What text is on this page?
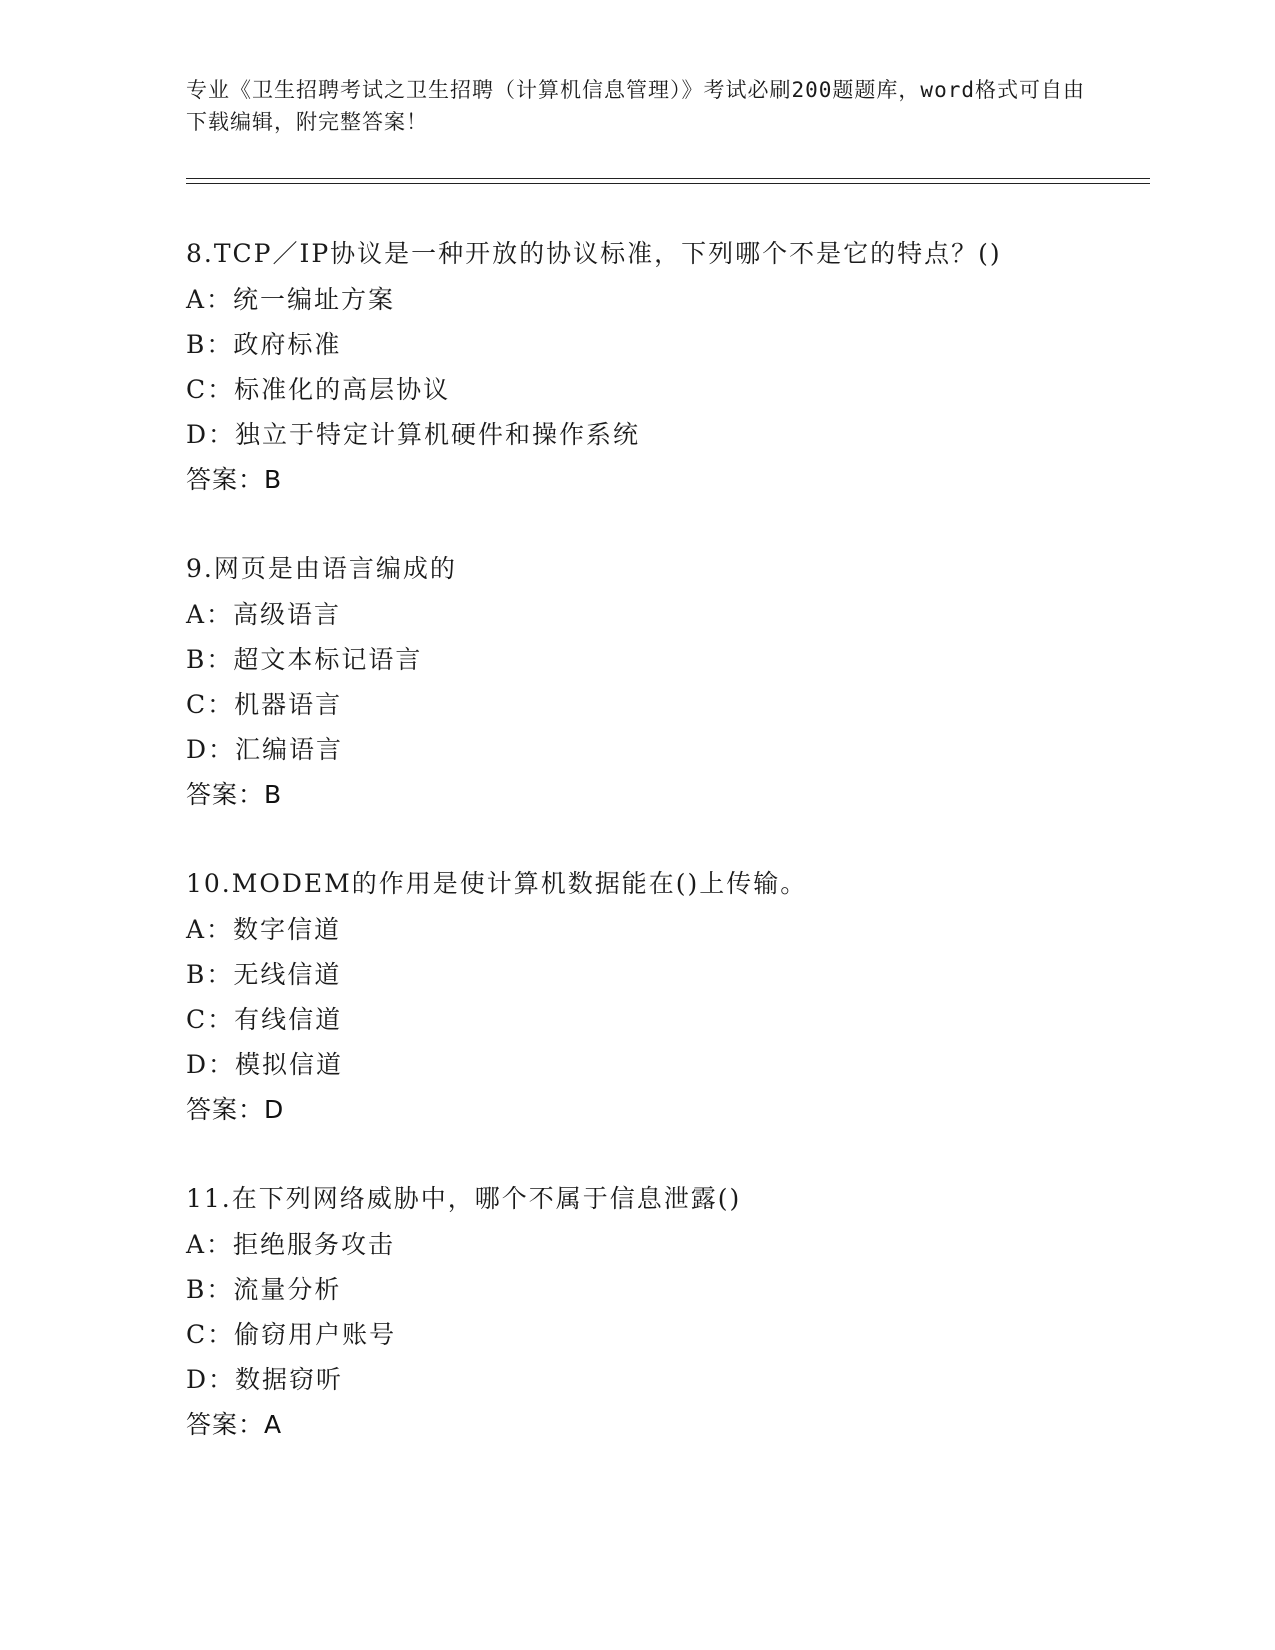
专业《卫生招聘考试之卫生招聘（计算机信息管理）》考试必刷200题题库，word格式可自由下载编辑，附完整答案！
8.TCP／IP协议是一种开放的协议标准，下列哪个不是它的特点？()
A：统一编址方案
B：政府标准
C：标准化的高层协议
D：独立于特定计算机硬件和操作系统
答案：B
9.网页是由语言编成的
A：高级语言
B：超文本标记语言
C：机器语言
D：汇编语言
答案：B
10.MODEM的作用是使计算机数据能在()上传输。
A：数字信道
B：无线信道
C：有线信道
D：模拟信道
答案：D
11.在下列网络威胁中，哪个不属于信息泄露()
A：拒绝服务攻击
B：流量分析
C：偷窃用户账号
D：数据窃听
答案：A
